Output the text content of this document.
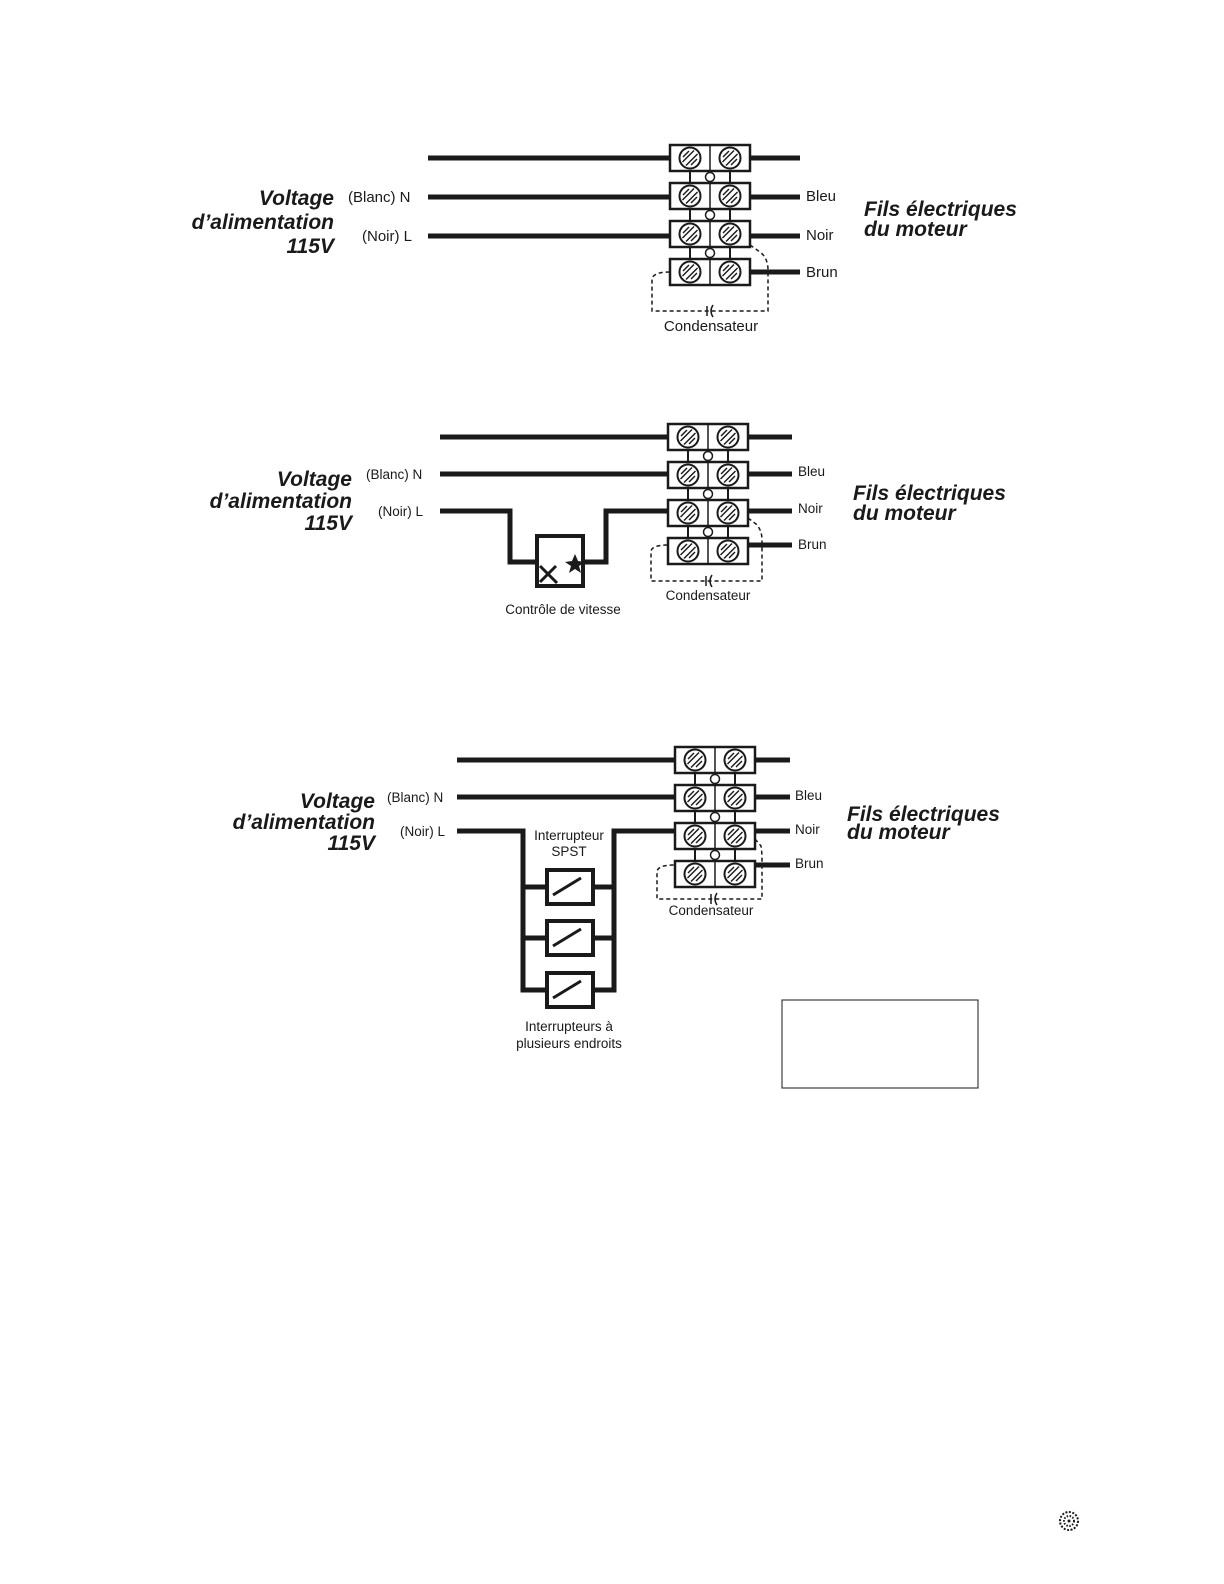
Voltage
d’alimentation
115V
(Blanc) N
(Noir) L
Bleu
Noir
Brun
Fils électriques
du moteur
Condensateur
Voltage
d’alimentation
115V
(Blanc) N
(Noir) L
Bleu
Noir
Brun
Fils électriques
du moteur
Condensateur
Contrôle de vitesse
Voltage
d’alimentation
115V
(Blanc) N
(Noir) L
Bleu
Noir
Brun
Fils électriques
du moteur
Condensateur
Interrupteur
SPST
Interrupteurs à
plusieurs endroits
